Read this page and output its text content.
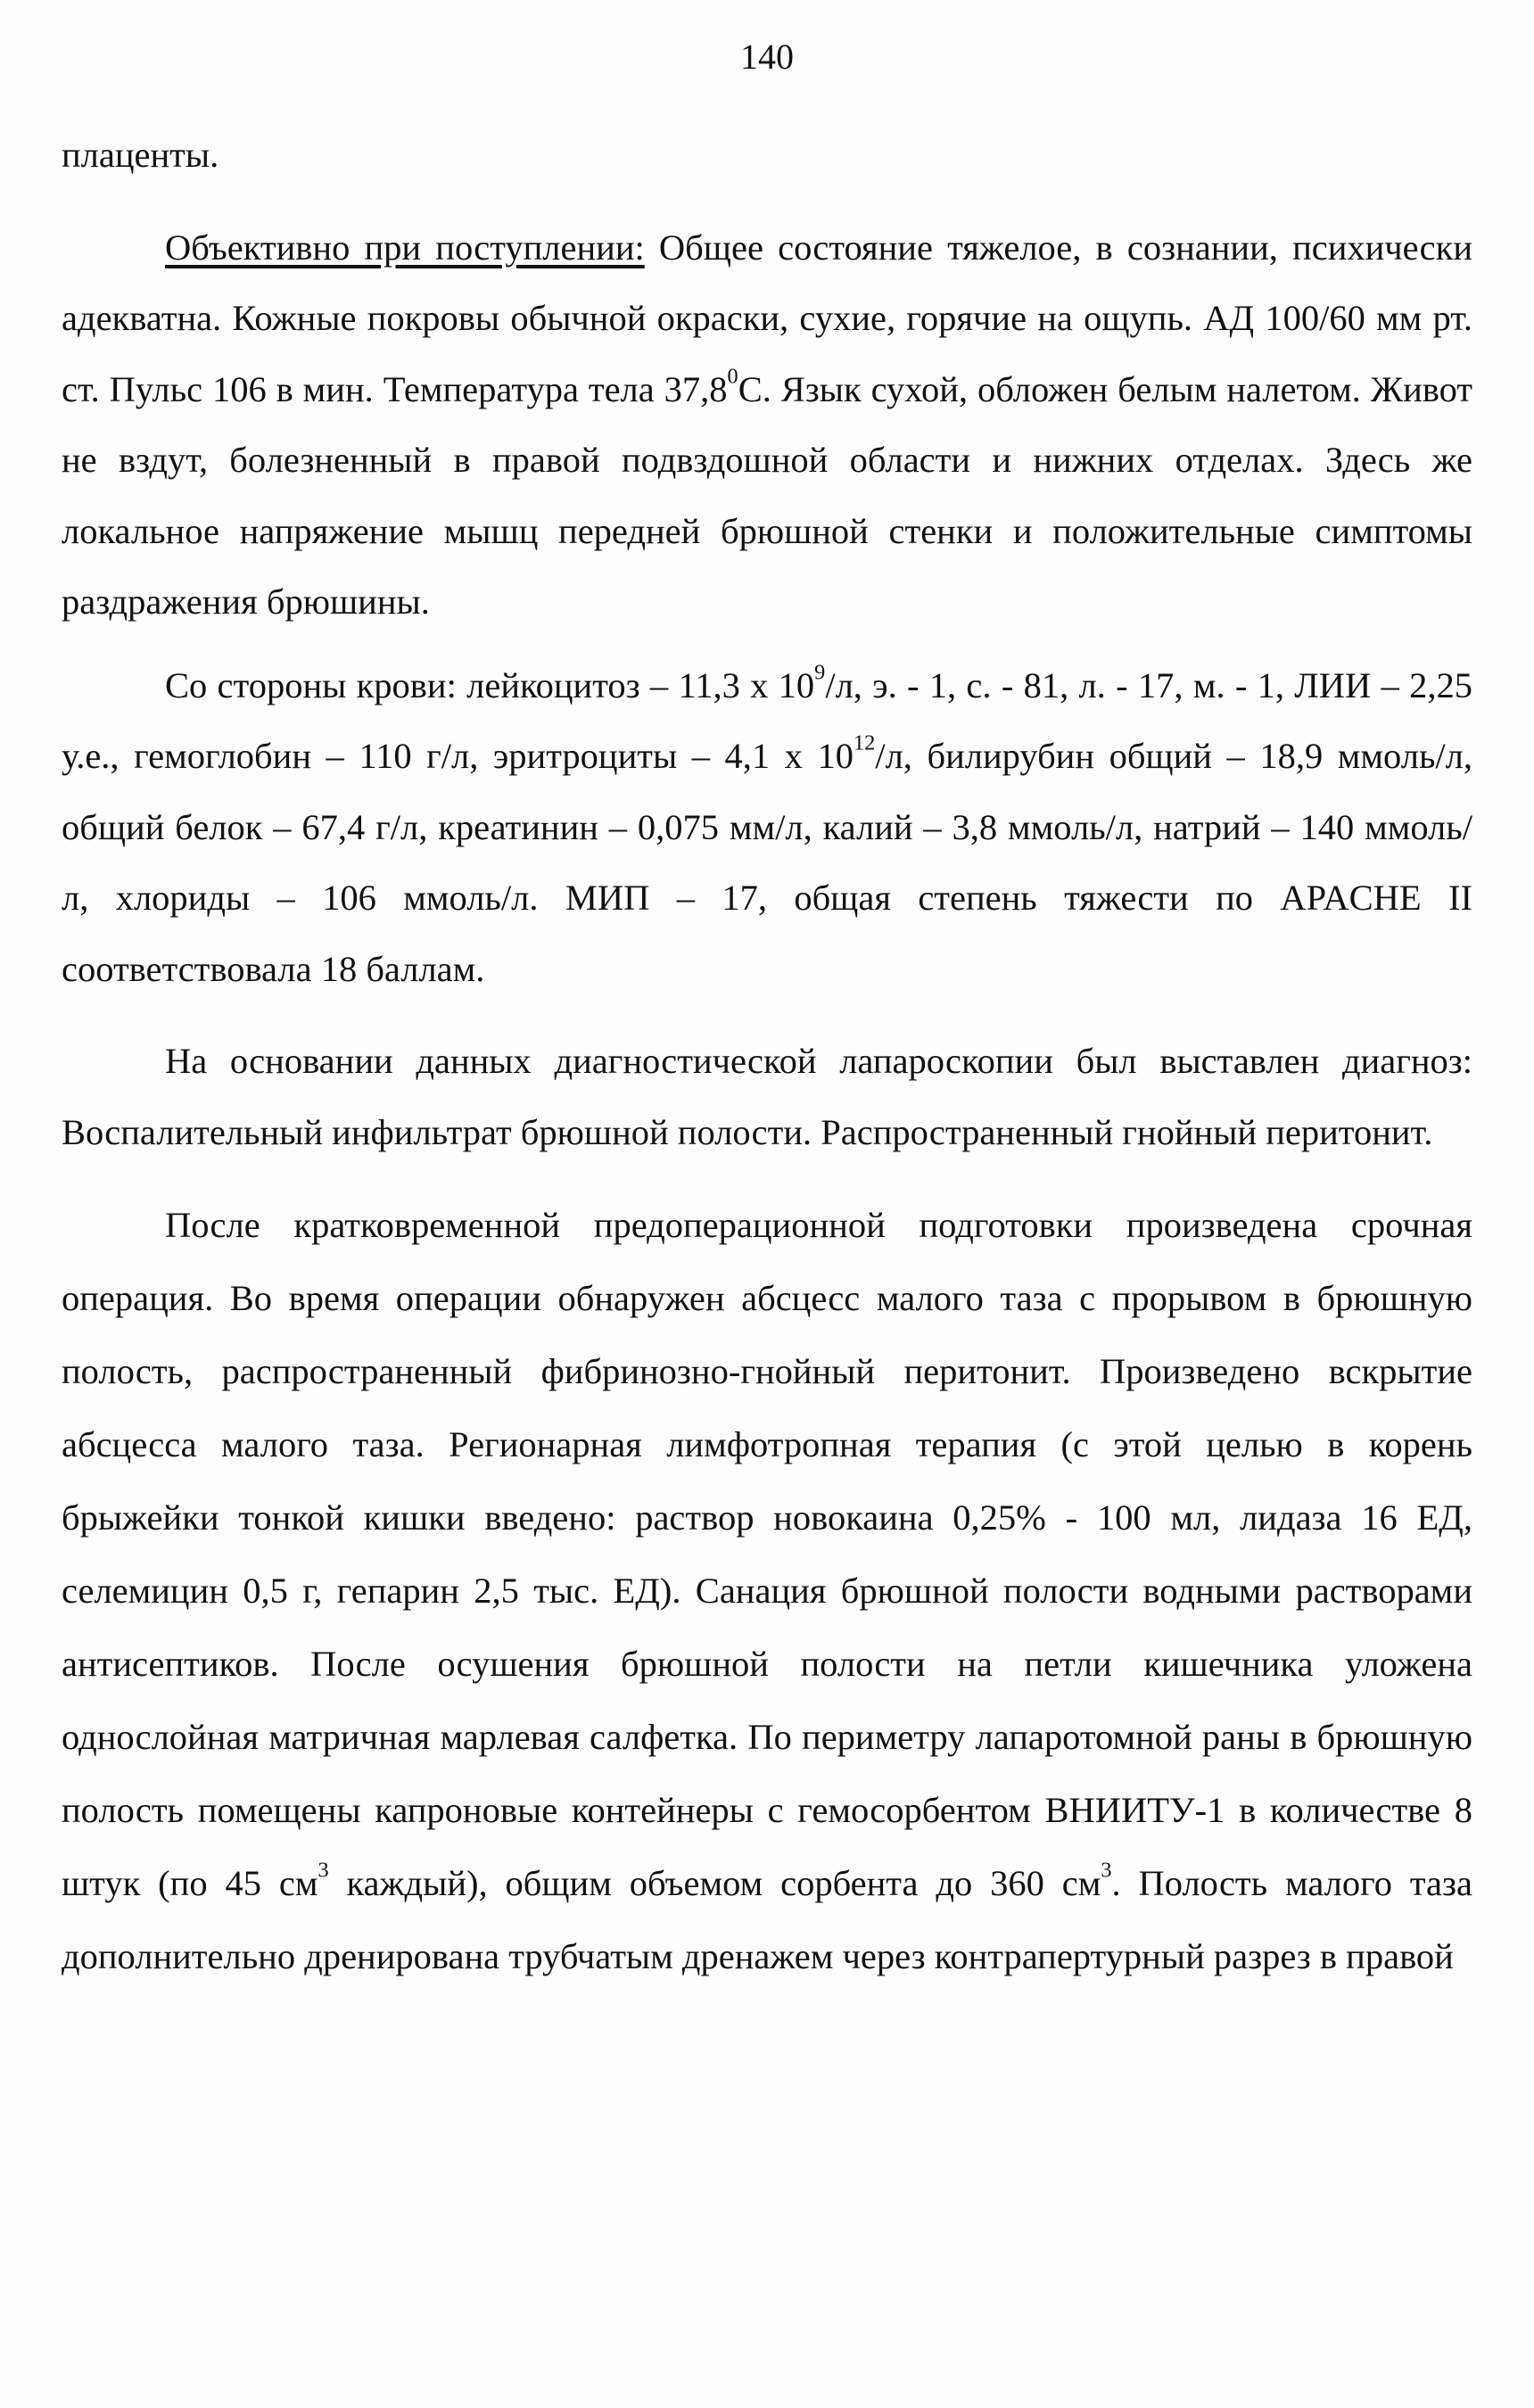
140

плаценты.

Объективно при поступлении: Общее состояние тяжелое, в сознании, психически адекватна. Кожные покровы обычной окраски, сухие, горячие на ощупь. АД 100/60 мм рт. ст. Пульс 106 в мин. Температура тела 37,8$^0$С. Язык сухой, обложен белым налетом. Живот не вздут, болезненный в правой подвздошной области и нижних отделах. Здесь же локальное напряжение мышц передней брюшной стенки и положительные симптомы раздражения брюшины.

Со стороны крови: лейкоцитоз – 11,3 х $10^9/л$, э. - 1, с. - 81, л. - 17, м. - 1, ЛИИ – 2,25 у.е., гемоглобин – 110 г/л, эритроциты – 4,1 х $10^{12}/л$, билирубин общий – 18,9 ммоль/л, общий белок – 67,4 г/л, креатинин – 0,075 мм/л, калий – 3,8 ммоль/л, натрий – 140 ммоль/л, хлориды – 106 ммоль/л. МИП – 17, общая степень тяжести по APACHE II соответствовала 18 баллам.

На основании данных диагностической лапароскопии был выставлен диагноз: Воспалительный инфильтрат брюшной полости. Распространенный гнойный перитонит.

После кратковременной предоперационной подготовки произведена срочная операция. Во время операции обнаружен абсцесс малого таза с прорывом в брюшную полость, распространенный фибринозно-гнойный перитонит. Произведено вскрытие абсцесса малого таза. Регионарная лимфотропная терапия (с этой целью в корень брыжейки тонкой кишки введено: раствор новокаина 0,25% - 100 мл, лидаза 16 ЕД, селемицин 0,5 г, гепарин 2,5 тыс. ЕД). Санация брюшной полости водными растворами антисептиков. После осушения брюшной полости на петли кишечника уложена однослойная матричная марлевая салфетка. По периметру лапаротомной раны в брюшную полость помещены капроновые контейнеры с гемосорбентом ВНИИТУ-1 в количестве 8 штук (по 45 $см^3$ каждый), общим объемом сорбента до 360 $см^3$. Полость малого таза дополнительно дренирована трубчатым дренажем через контрапертурный разрез в правой
